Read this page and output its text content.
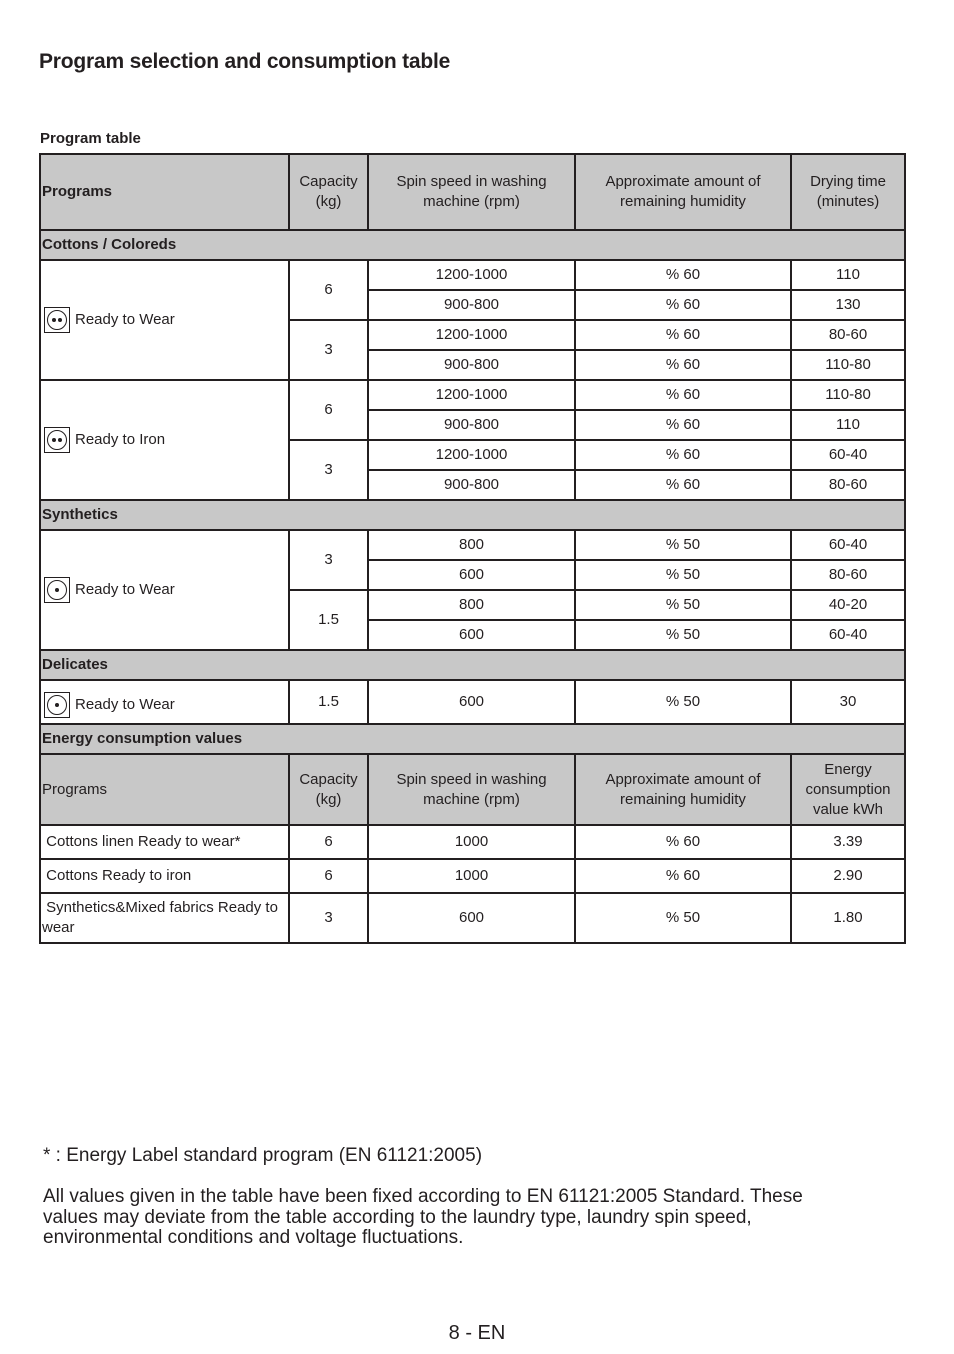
Program selection and consumption table
Program table
Programs	Capacity (kg)	Spin speed in washing machine (rpm)	Approximate amount of remaining humidity	Drying time (minutes)
Cottons / Coloreds				

Ready to Wear	6	1200-1000	% 60	110
		900-800	% 60	130
	3	1200-1000	% 60	80-60
		900-800	% 60	110-80

Ready to Iron	6	1200-1000	% 60	110-80
		900-800	% 60	110
	3	1200-1000	% 60	60-40
		900-800	% 60	80-60
Synthetics				

Ready to Wear	3	800	% 50	60-40
		600	% 50	80-60
	1.5	800	% 50	40-20
		600	% 50	60-40
Delicates				

Ready to Wear	1.5	600	% 50	30
Energy consumption values				
Programs	Capacity (kg)	Spin speed in washing machine (rpm)	Approximate amount of remaining humidity	Energy consumption value kWh
Cottons linen Ready to wear*	6	1000	% 60	3.39
Cottons Ready to iron	6	1000	% 60	2.90
Synthetics&Mixed fabrics Ready to wear	3	600	% 50	1.80

* : Energy Label standard program (EN 61121:2005)

All values given in the table have been fixed according to EN 61121:2005 Standard. These values may deviate from the table according to the laundry type, laundry spin speed, environmental conditions and voltage fluctuations.

8 - EN
